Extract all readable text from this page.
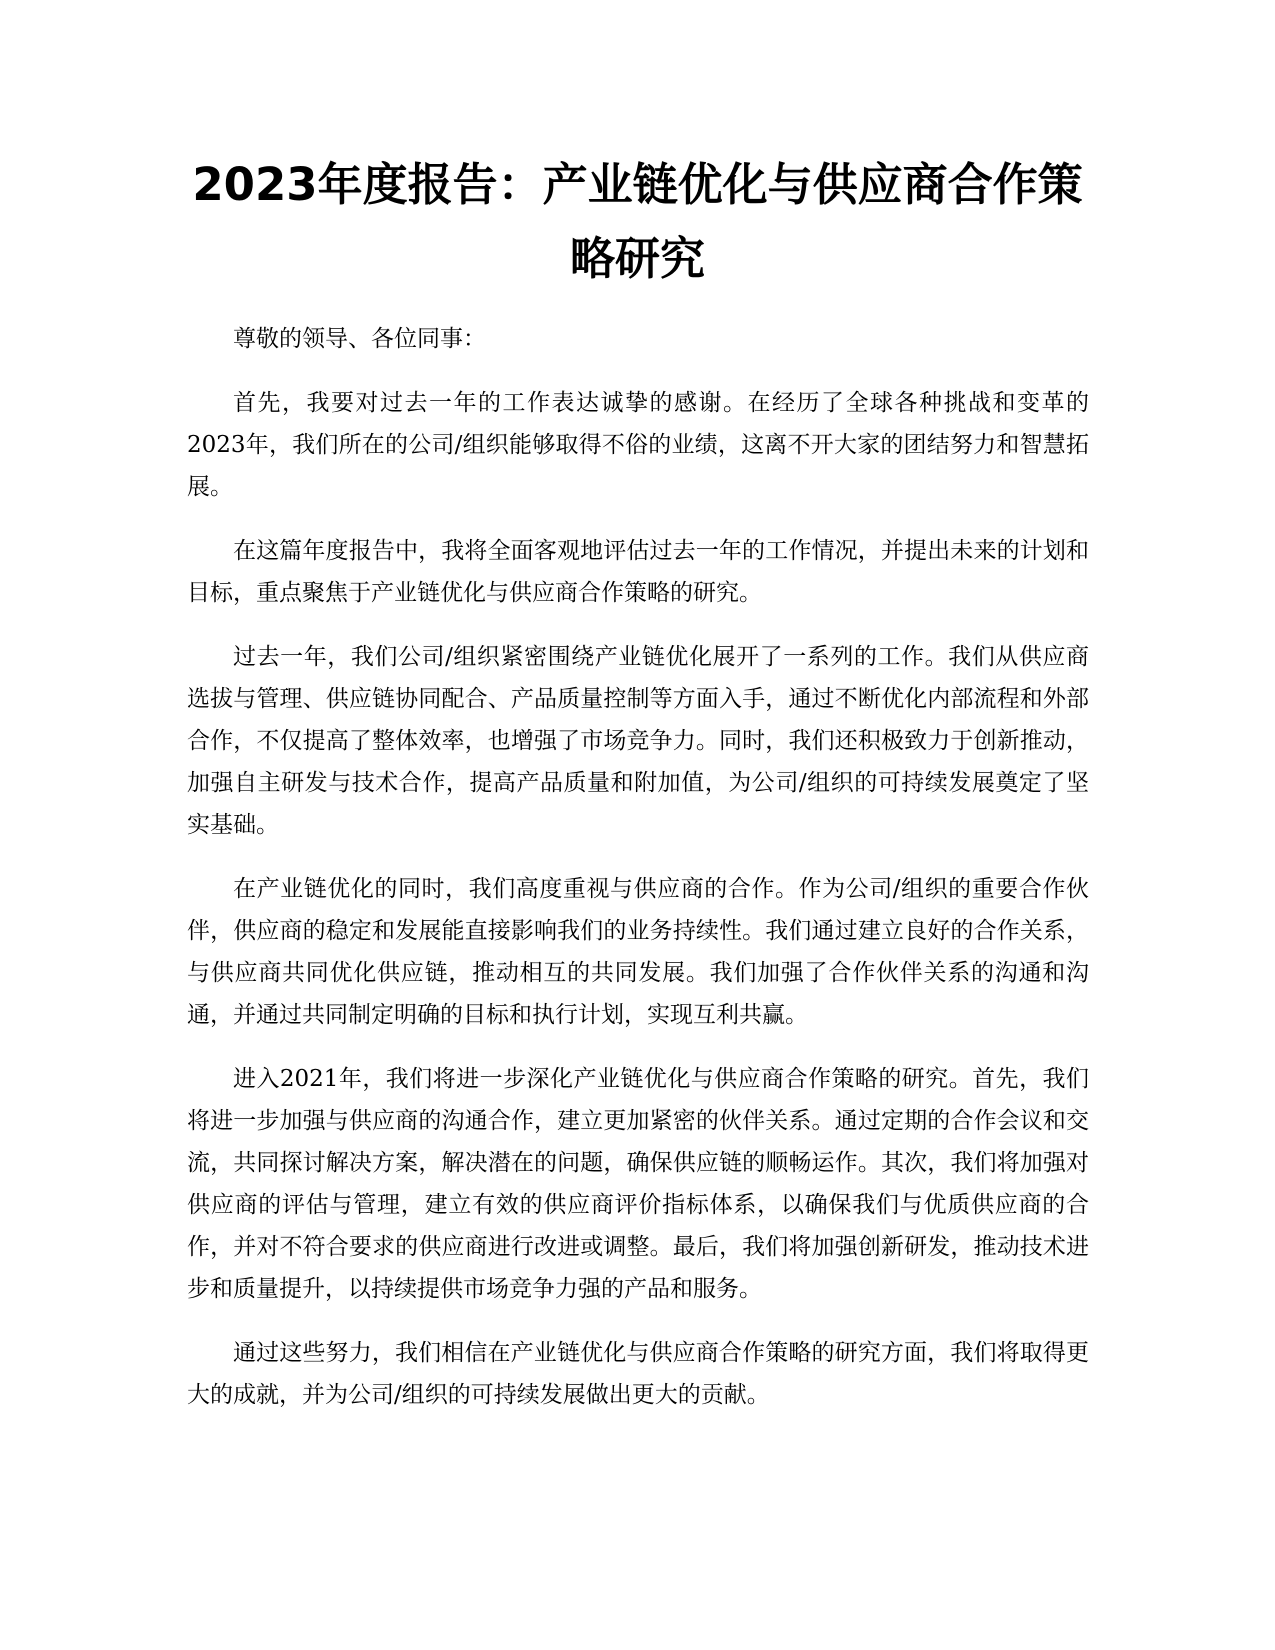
2023年度报告：产业链优化与供应商合作策略研究

尊敬的领导、各位同事：

首先，我要对过去一年的工作表达诚挚的感谢。在经历了全球各种挑战和变革的2023年，我们所在的公司/组织能够取得不俗的业绩，这离不开大家的团结努力和智慧拓展。

在这篇年度报告中，我将全面客观地评估过去一年的工作情况，并提出未来的计划和目标，重点聚焦于产业链优化与供应商合作策略的研究。

过去一年，我们公司/组织紧密围绕产业链优化展开了一系列的工作。我们从供应商选拔与管理、供应链协同配合、产品质量控制等方面入手，通过不断优化内部流程和外部合作，不仅提高了整体效率，也增强了市场竞争力。同时，我们还积极致力于创新推动，加强自主研发与技术合作，提高产品质量和附加值，为公司/组织的可持续发展奠定了坚实基础。

在产业链优化的同时，我们高度重视与供应商的合作。作为公司/组织的重要合作伙伴，供应商的稳定和发展能直接影响我们的业务持续性。我们通过建立良好的合作关系，与供应商共同优化供应链，推动相互的共同发展。我们加强了合作伙伴关系的沟通和沟通，并通过共同制定明确的目标和执行计划，实现互利共赢。

进入2021年，我们将进一步深化产业链优化与供应商合作策略的研究。首先，我们将进一步加强与供应商的沟通合作，建立更加紧密的伙伴关系。通过定期的合作会议和交流，共同探讨解决方案，解决潜在的问题，确保供应链的顺畅运作。其次，我们将加强对供应商的评估与管理，建立有效的供应商评价指标体系，以确保我们与优质供应商的合作，并对不符合要求的供应商进行改进或调整。最后，我们将加强创新研发，推动技术进步和质量提升，以持续提供市场竞争力强的产品和服务。

通过这些努力，我们相信在产业链优化与供应商合作策略的研究方面，我们将取得更大的成就，并为公司/组织的可持续发展做出更大的贡献。
